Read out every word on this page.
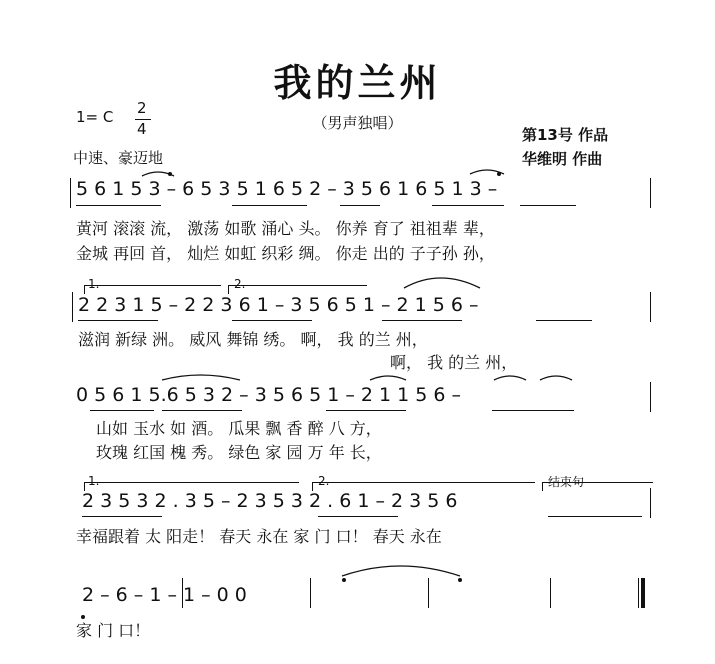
我的兰州
（男声独唱）
1= C 2
4
中速、豪迈地
第13号 作品
华维明 作曲
5 6 1 5 3 – 6 5 3 5 1 6 5 2 – 3 5 6 1 6 5 1 3 –
黄河 滚滚 流， 激荡 如歌 涌心 头。 你养 育了 祖祖辈 辈，
金城 再回 首， 灿烂 如虹 织彩 绸。 你走 出的 子子孙 孙，
1.	2.
2 2 3 1 5 – 2 2 3 6 1 – 3 5 6 5 1 – 2 1 5 6 –
滋润 新绿 洲。 威风 舞锦 绣。 啊， 我 的兰 州，
啊， 我 的兰 州，
0 5 6 1 5.6 5 3 2 – 3 5 6 5 1 – 2 1 1 5 6 –
山如 玉水 如 酒。 瓜果 飘 香 醉 八 方，
玫瑰 红国 槐 秀。 绿色 家 园 万 年 长，
1.	2.	结束句
2 3 5 3 2 . 3 5 – 2 3 5 3 2 . 6 1 – 2 3 5 6
幸福跟着 太 阳走！ 春天 永在 家 门 口！ 春天 永在
2 – 6 – 1 – 1 – 0 0
家 门 口！
